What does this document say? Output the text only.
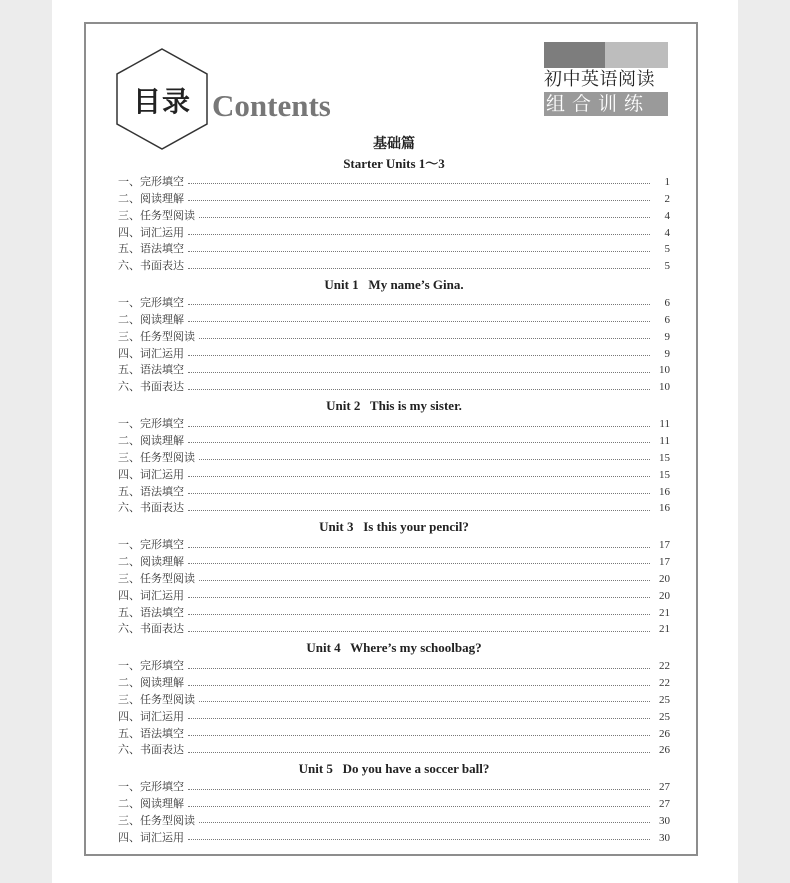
目录 Contents
初中英语阅读
组合训练
基础篇
Starter Units 1～3
一、完形填空	1
二、阅读理解	2
三、任务型阅读	4
四、词汇运用	4
五、语法填空	5
六、书面表达	5
Unit 1   My name’s Gina.
一、完形填空	6
二、阅读理解	6
三、任务型阅读	9
四、词汇运用	9
五、语法填空	10
六、书面表达	10
Unit 2   This is my sister.
一、完形填空	11
二、阅读理解	11
三、任务型阅读	15
四、词汇运用	15
五、语法填空	16
六、书面表达	16
Unit 3   Is this your pencil?
一、完形填空	17
二、阅读理解	17
三、任务型阅读	20
四、词汇运用	20
五、语法填空	21
六、书面表达	21
Unit 4   Where’s my schoolbag?
一、完形填空	22
二、阅读理解	22
三、任务型阅读	25
四、词汇运用	25
五、语法填空	26
六、书面表达	26
Unit 5   Do you have a soccer ball?
一、完形填空	27
二、阅读理解	27
三、任务型阅读	30
四、词汇运用	30
